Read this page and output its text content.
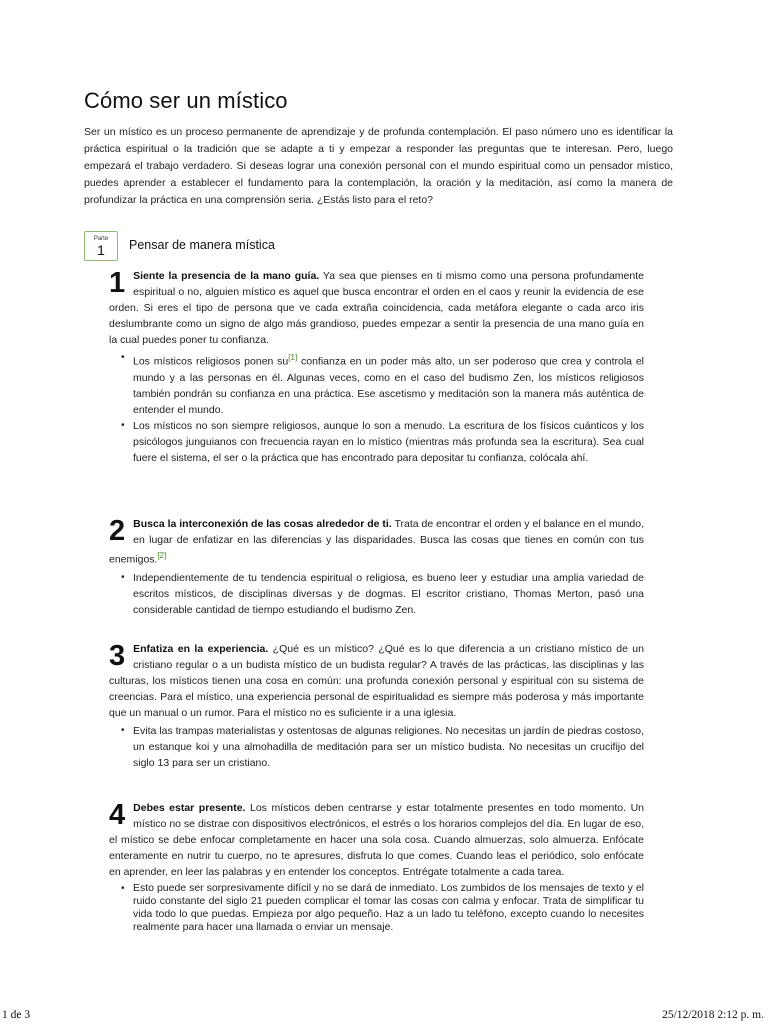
Cómo ser un místico

Ser un místico es un proceso permanente de aprendizaje y de profunda contemplación. El paso número uno es identificar la práctica espiritual o la tradición que se adapte a ti y empezar a responder las preguntas que te interesan. Pero, luego empezará el trabajo verdadero. Si deseas lograr una conexión personal con el mundo espiritual como un pensador místico, puedes aprender a establecer el fundamento para la contemplación, la oración y la meditación, así como la manera de profundizar la práctica en una comprensión seria. ¿Estás listo para el reto?

Parte
1	Pensar de manera mística
1 Siente la presencia de la mano guía. Ya sea que pienses en ti mismo como una persona profundamente espiritual o no, alguien místico es aquel que busca encontrar el orden en el caos y reunir la evidencia de ese orden. Si eres el tipo de persona que ve cada extraña coincidencia, cada metáfora elegante o cada arco iris deslumbrante como un signo de algo más grandioso, puedes empezar a sentir la presencia de una mano guía en la cual puedes poner tu confianza.

• Los místicos religiosos ponen su[1] confianza en un poder más alto, un ser poderoso que crea y controla el mundo y a las personas en él. Algunas veces, como en el caso del budismo Zen, los místicos religiosos también pondrán su confianza en una práctica. Ese ascetismo y meditación son la manera más auténtica de entender el mundo.
• Los místicos no son siempre religiosos, aunque lo son a menudo. La escritura de los físicos cuánticos y los psicólogos junguianos con frecuencia rayan en lo místico (mientras más profunda sea la escritura). Sea cual fuere el sistema, el ser o la práctica que has encontrado para depositar tu confianza, colócala ahí.
2 Busca la interconexión de las cosas alrededor de ti. Trata de encontrar el orden y el balance en el mundo, en lugar de enfatizar en las diferencias y las disparidades. Busca las cosas que tienes en común con tus enemigos.[2]

• Independientemente de tu tendencia espiritual o religiosa, es bueno leer y estudiar una amplia variedad de escritos místicos, de disciplinas diversas y de dogmas. El escritor cristiano, Thomas Merton, pasó una considerable cantidad de tiempo estudiando el budismo Zen.
3 Enfatiza en la experiencia. ¿Qué es un místico? ¿Qué es lo que diferencia a un cristiano místico de un cristiano regular o a un budista místico de un budista regular? A través de las prácticas, las disciplinas y las culturas, los místicos tienen una cosa en común: una profunda conexión personal y espiritual con su sistema de creencias. Para el místico, una experiencia personal de espiritualidad es siempre más poderosa y más importante que un manual o un rumor. Para el místico no es suficiente ir a una iglesia.

• Evita las trampas materialistas y ostentosas de algunas religiones. No necesitas un jardín de piedras costoso, un estanque koi y una almohadilla de meditación para ser un místico budista. No necesitas un crucifijo del siglo 13 para ser un cristiano.
4 Debes estar presente. Los místicos deben centrarse y estar totalmente presentes en todo momento. Un místico no se distrae con dispositivos electrónicos, el estrés o los horarios complejos del día. En lugar de eso, el místico se debe enfocar completamente en hacer una sola cosa. Cuando almuerzas, solo almuerza. Enfócate enteramente en nutrir tu cuerpo, no te apresures, disfruta lo que comes. Cuando leas el periódico, solo enfócate en aprender, en leer las palabras y en entender los conceptos. Entrégate totalmente a cada tarea.

• Esto puede ser sorpresivamente difícil y no se dará de inmediato. Los zumbidos de los mensajes de texto y el ruido constante del siglo 21 pueden complicar el tomar las cosas con calma y enfocar. Trata de simplificar tu vida todo lo que puedas. Empieza por algo pequeño. Haz a un lado tu teléfono, excepto cuando lo necesites realmente para hacer una llamada o enviar un mensaje.
1 de 3	25/12/2018 2:12 p. m.
